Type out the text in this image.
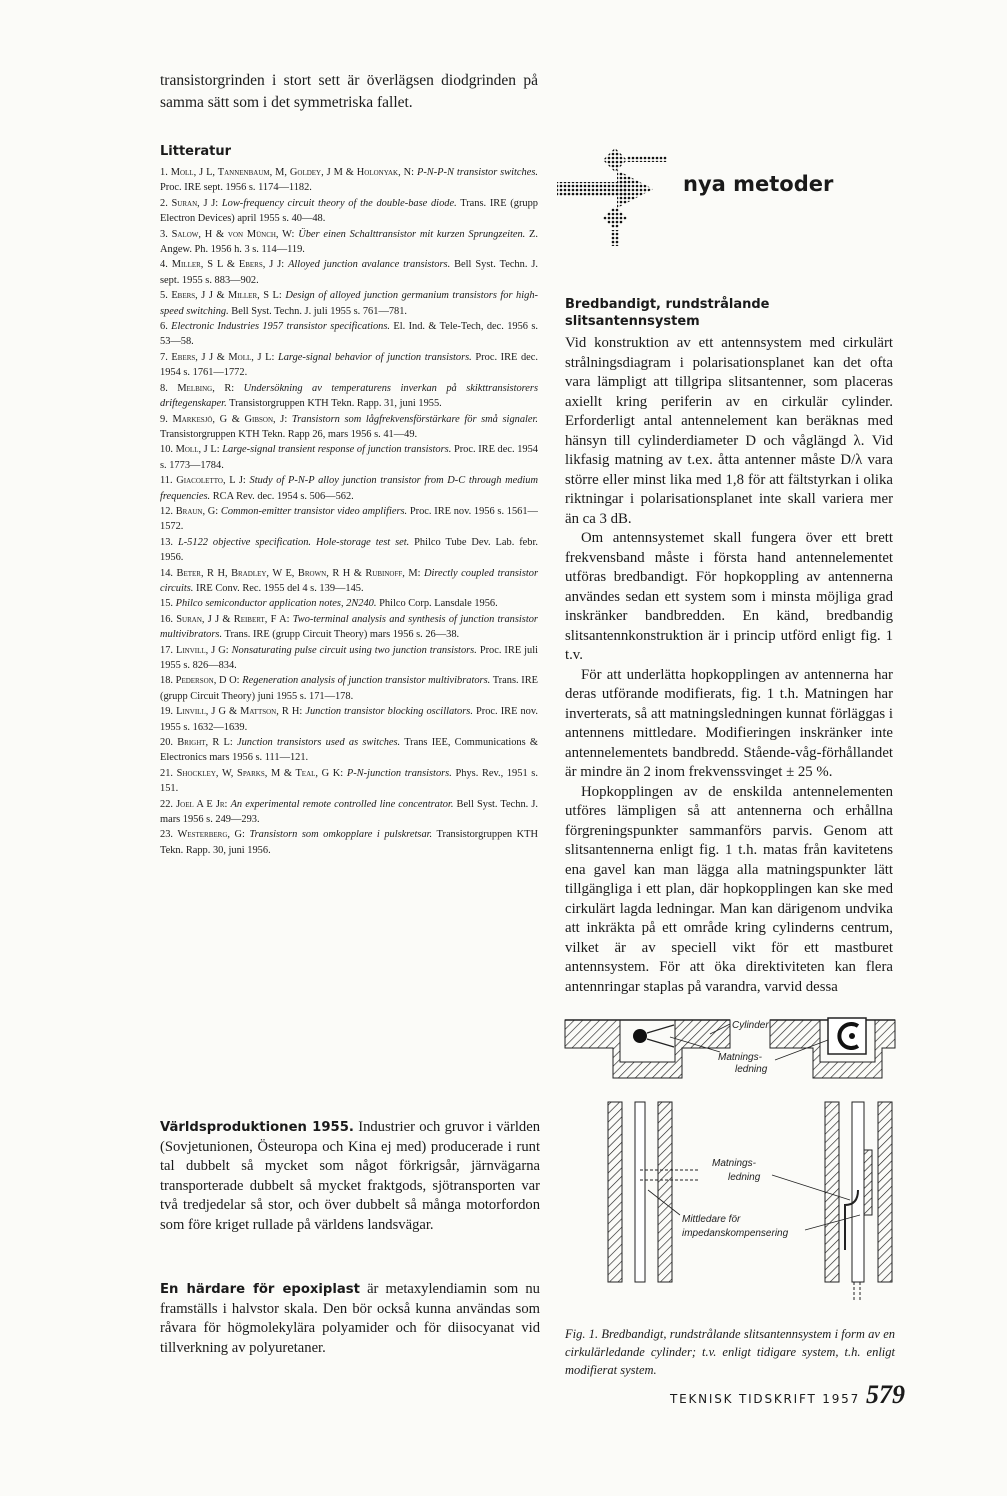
transistorgrinden i stort sett är överlägsen diodgrinden på samma sätt som i det symmetriska fallet.

Litteratur
1. Moll, J L, Tannenbaum, M, Goldey, J M & Holonyak, N: P-N-P-N transistor switches. Proc. IRE sept. 1956 s. 1174—1182.
2. Suran, J J: Low-frequency circuit theory of the double-base diode. Trans. IRE (grupp Electron Devices) april 1955 s. 40—48.
3. Salow, H & von Münch, W: Über einen Schalttransistor mit kurzen Sprungzeiten. Z. Angew. Ph. 1956 h. 3 s. 114—119.
4. Miller, S L & Ebers, J J: Alloyed junction avalance transistors. Bell Syst. Techn. J. sept. 1955 s. 883—902.
5. Ebers, J J & Miller, S L: Design of alloyed junction germanium transistors for high-speed switching. Bell Syst. Techn. J. juli 1955 s. 761—781.
6. Electronic Industries 1957 transistor specifications. El. Ind. & Tele-Tech, dec. 1956 s. 53—58.
7. Ebers, J J & Moll, J L: Large-signal behavior of junction transistors. Proc. IRE dec. 1954 s. 1761—1772.
8. Melbing, R: Undersökning av temperaturens inverkan på skikttransistorers driftegenskaper. Transistorgruppen KTH Tekn. Rapp. 31, juni 1955.
9. Markesjö, G & Gibson, J: Transistorn som lågfrekvensförstärkare för små signaler. Transistorgruppen KTH Tekn. Rapp 26, mars 1956 s. 41—49.
10. Moll, J L: Large-signal transient response of junction transistors. Proc. IRE dec. 1954 s. 1773—1784.
11. Giacoletto, L J: Study of P-N-P alloy junction transistor from D-C through medium frequencies. RCA Rev. dec. 1954 s. 506—562.
12. Braun, G: Common-emitter transistor video amplifiers. Proc. IRE nov. 1956 s. 1561—1572.
13. L-5122 objective specification. Hole-storage test set. Philco Tube Dev. Lab. febr. 1956.
14. Beter, R H, Bradley, W E, Brown, R H & Rubinoff, M: Directly coupled transistor circuits. IRE Conv. Rec. 1955 del 4 s. 139—145.
15. Philco semiconductor application notes, 2N240. Philco Corp. Lansdale 1956.
16. Suran, J J & Reibert, F A: Two-terminal analysis and synthesis of junction transistor multivibrators. Trans. IRE (grupp Circuit Theory) mars 1956 s. 26—38.
17. Linvill, J G: Nonsaturating pulse circuit using two junction transistors. Proc. IRE juli 1955 s. 826—834.
18. Pederson, D O: Regeneration analysis of junction transistor multivibrators. Trans. IRE (grupp Circuit Theory) juni 1955 s. 171—178.
19. Linvill, J G & Mattson, R H: Junction transistor blocking oscillators. Proc. IRE nov. 1955 s. 1632—1639.
20. Bright, R L: Junction transistors used as switches. Trans IEE, Communications & Electronics mars 1956 s. 111—121.
21. Shockley, W, Sparks, M & Teal, G K: P-N-junction transistors. Phys. Rev., 1951 s. 151.
22. Joel A E Jr: An experimental remote controlled line concentrator. Bell Syst. Techn. J. mars 1956 s. 249—293.
23. Westerberg, G: Transistorn som omkopplare i pulskretsar. Transistorgruppen KTH Tekn. Rapp. 30, juni 1956.

Världsproduktionen 1955. Industrier och gruvor i världen (Sovjetunionen, Östeuropa och Kina ej med) producerade i runt tal dubbelt så mycket som något förkrigsår, järnvägarna transporterade dubbelt så mycket fraktgods, sjötransporten var två tredjedelar så stor, och över dubbelt så många motorfordon som före kriget rullade på världens landsvägar.

En härdare för epoxiplast är metaxylendiamin som nu framställs i halvstor skala. Den bör också kunna användas som råvara för högmolekylära polyamider och för diisocyanat vid tillverkning av polyuretaner.

nya metoder

Bredbandigt, rundstrålande slitsantennsystem

Vid konstruktion av ett antennsystem med cirkulärt strålningsdiagram i polarisationsplanet kan det ofta vara lämpligt att tillgripa slitsantenner, som placeras axiellt kring periferin av en cirkulär cylinder. Erforderligt antal antennelement kan beräknas med hänsyn till cylinderdiameter D och våglängd λ. Vid likfasig matning av t.ex. åtta antenner måste D/λ vara större eller minst lika med 1,8 för att fältstyrkan i olika riktningar i polarisationsplanet inte skall variera mer än ca 3 dB.

Om antennsystemet skall fungera över ett brett frekvensband måste i första hand antennelementet utföras bredbandigt. För hopkoppling av antennerna användes sedan ett system som i minsta möjliga grad inskränker bandbredden. En känd, bredbandig slitsantennkonstruktion är i princip utförd enligt fig. 1 t.v.

För att underlätta hopkopplingen av antennerna har deras utförande modifierats, fig. 1 t.h. Matningen har inverterats, så att matningsledningen kunnat förläggas i antennens mittledare. Modifieringen inskränker inte antennelementets bandbredd. Stående-våg-förhållandet är mindre än 2 inom frekvenssvinget ± 25 %.

Hopkopplingen av de enskilda antennelementen utföres lämpligen så att antennerna och erhållna förgreningspunkter sammanförs parvis. Genom att slitsantennerna enligt fig. 1 t.h. matas från kavitetens ena gavel kan man lägga alla matningspunkter lätt tillgängliga i ett plan, där hopkopplingen kan ske med cirkulärt lagda ledningar. Man kan därigenom undvika att inkräkta på ett område kring cylinderns centrum, vilket är av speciell vikt för ett mastburet antennsystem. För att öka direktiviteten kan flera antennringar staplas på varandra, varvid dessa

Cylinder
Matnings-
ledning
Matnings-
ledning
Mittledare för
impedanskompensering

Fig. 1. Bredbandigt, rundstrålande slitsantennsystem i form av en cirkulärledande cylinder; t.v. enligt tidigare system, t.h. enligt modifierat system.

TEKNISK TIDSKRIFT 1957 579
